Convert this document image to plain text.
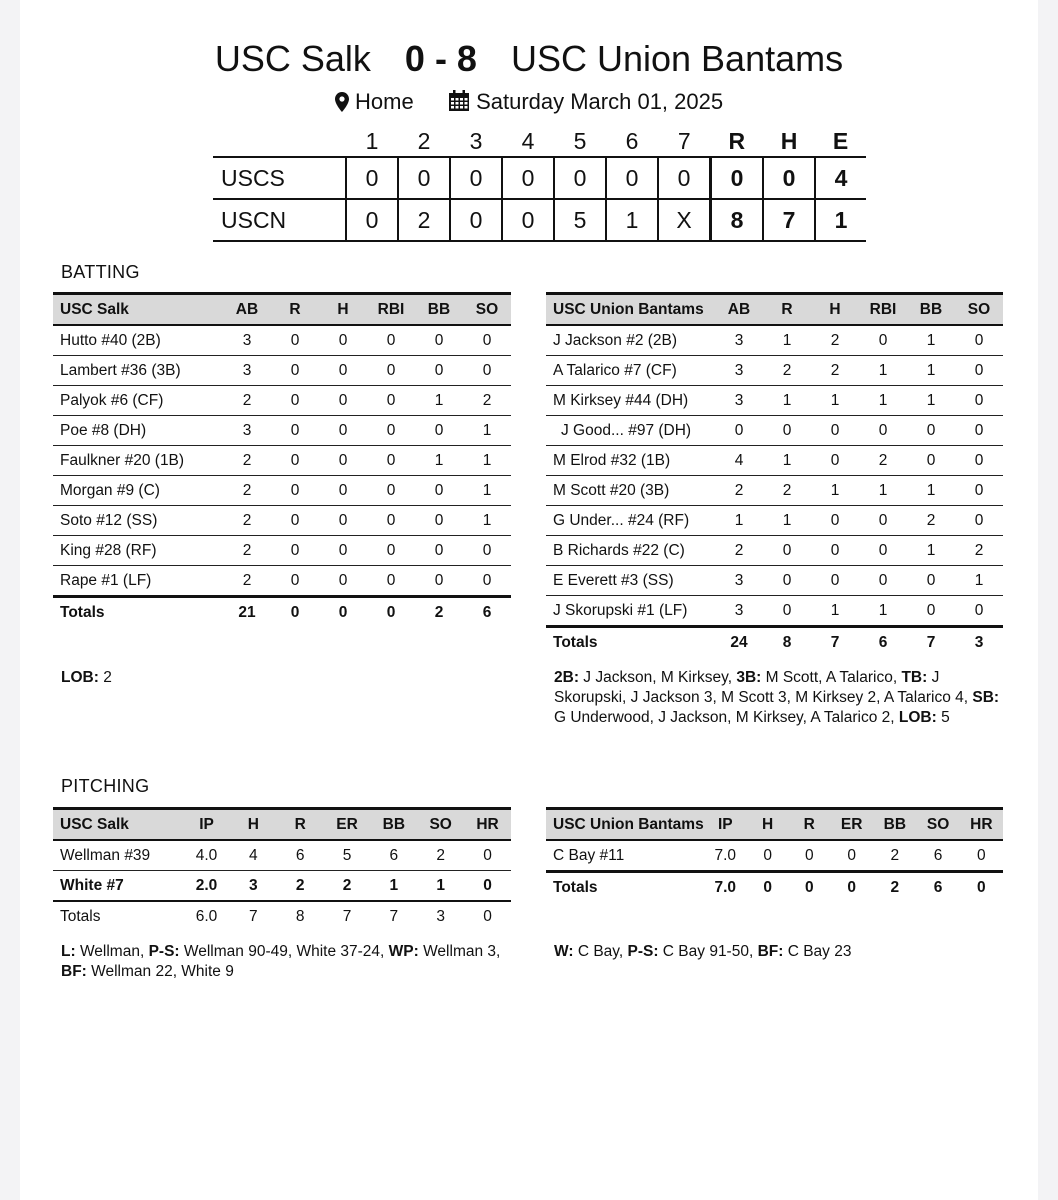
USC Salk 0 - 8 USC Union Bantams
Home	Saturday March 01, 2025
	1	2	3	4	5	6	7	R	H	E
USCS	0	0	0	0	0	0	0	0	0	4
USCN	0	2	0	0	5	1	X	8	7	1
BATTING
USC Salk	AB	R	H	RBI	BB	SO
Hutto #40 (2B)	3	0	0	0	0	0
Lambert #36 (3B)	3	0	0	0	0	0
Palyok #6 (CF)	2	0	0	0	1	2
Poe #8 (DH)	3	0	0	0	0	1
Faulkner #20 (1B)	2	0	0	0	1	1
Morgan #9 (C)	2	0	0	0	0	1
Soto #12 (SS)	2	0	0	0	0	1
King #28 (RF)	2	0	0	0	0	0
Rape #1 (LF)	2	0	0	0	0	0
Totals	21	0	0	0	2	6
USC Union Bantams	AB	R	H	RBI	BB	SO
J Jackson #2 (2B)	3	1	2	0	1	0
A Talarico #7 (CF)	3	2	2	1	1	0
M Kirksey #44 (DH)	3	1	1	1	1	0
J Good... #97 (DH)	0	0	0	0	0	0
M Elrod #32 (1B)	4	1	0	2	0	0
M Scott #20 (3B)	2	2	1	1	1	0
G Under... #24 (RF)	1	1	0	0	2	0
B Richards #22 (C)	2	0	0	0	1	2
E Everett #3 (SS)	3	0	0	0	0	1
J Skorupski #1 (LF)	3	0	1	1	0	0
Totals	24	8	7	6	7	3
LOB: 2	2B: J Jackson, M Kirksey, 3B: M Scott, A Talarico, TB: J Skorupski, J Jackson 3, M Scott 3, M Kirksey 2, A Talarico 4, SB: G Underwood, J Jackson, M Kirksey, A Talarico 2, LOB: 5
PITCHING
USC Salk	IP	H	R	ER	BB	SO	HR
Wellman #39	4.0	4	6	5	6	2	0
White #7	2.0	3	2	2	1	1	0
Totals	6.0	7	8	7	7	3	0
USC Union Bantams	IP	H	R	ER	BB	SO	HR
C Bay #11	7.0	0	0	0	2	6	0
Totals	7.0	0	0	0	2	6	0
L: Wellman, P-S: Wellman 90-49, White 37-24, WP: Wellman 3, BF: Wellman 22, White 9
W: C Bay, P-S: C Bay 91-50, BF: C Bay 23
